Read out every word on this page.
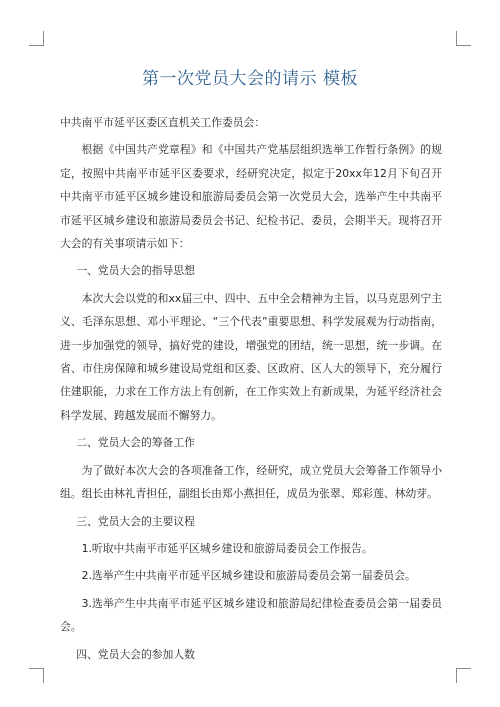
第一次党员大会的请示 模板

中共南平市延平区委区直机关工作委员会：

根据《中国共产党章程》和《中国共产党基层组织选举工作暂行条例》的规定，按照中共南平市延平区委要求，经研究决定，拟定于20xx年12月下旬召开中共南平市延平区城乡建设和旅游局委员会第一次党员大会，选举产生中共南平市延平区城乡建设和旅游局委员会书记、纪检书记、委员，会期半天。现将召开大会的有关事项请示如下：

一、党员大会的指导思想

本次大会以党的和xx届三中、四中、五中全会精神为主旨，以马克思列宁主义、毛泽东思想、邓小平理论、“三个代表”重要思想、科学发展观为行动指南，进一步加强党的领导，搞好党的建设，增强党的团结，统一思想，统一步调。在省、市住房保障和城乡建设局党组和区委、区政府、区人大的领导下，充分履行住建职能，力求在工作方法上有创新，在工作实效上有新成果，为延平经济社会科学发展、跨越发展而不懈努力。

二、党员大会的筹备工作

为了做好本次大会的各项准备工作，经研究，成立党员大会筹备工作领导小组。组长由林礼青担任，副组长由郑小燕担任，成员为张翠、郑彩莲、林幼芽。

三、党员大会的主要议程

1.听取中共南平市延平区城乡建设和旅游局委员会工作报告。

2.选举产生中共南平市延平区城乡建设和旅游局委员会第一届委员会。

3.选举产生中共南平市延平区城乡建设和旅游局纪律检查委员会第一届委员会。

四、党员大会的参加人数
